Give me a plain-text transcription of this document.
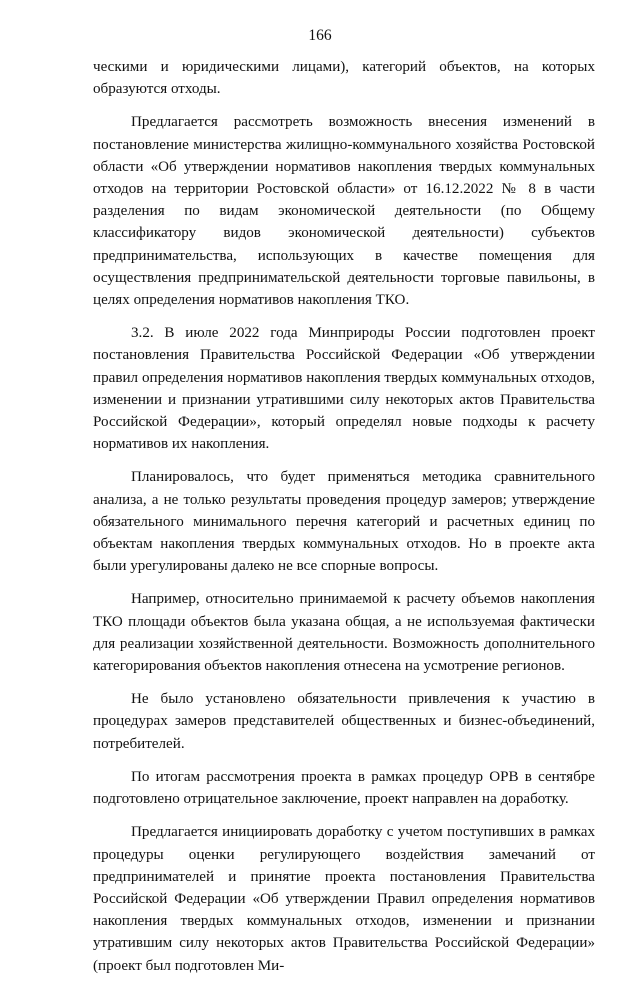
166

ческими и юридическими лицами), категорий объектов, на которых образуются отходы.

Предлагается рассмотреть возможность внесения изменений в постановление министерства жилищно-коммунального хозяйства Ростовской области «Об утверждении нормативов накопления твердых коммунальных отходов на территории Ростовской области» от 16.12.2022 № 8 в части разделения по видам экономической деятельности (по Общему классификатору видов экономической деятельности) субъектов предпринимательства, использующих в качестве помещения для осуществления предпринимательской деятельности торговые павильоны, в целях определения нормативов накопления ТКО.

3.2. В июле 2022 года Минприроды России подготовлен проект постановления Правительства Российской Федерации «Об утверждении правил определения нормативов накопления твердых коммунальных отходов, изменении и признании утратившими силу некоторых актов Правительства Российской Федерации», который определял новые подходы к расчету нормативов их накопления.

Планировалось, что будет применяться методика сравнительного анализа, а не только результаты проведения процедур замеров; утверждение обязательного минимального перечня категорий и расчетных единиц по объектам накопления твердых коммунальных отходов. Но в проекте акта были урегулированы далеко не все спорные вопросы.

Например, относительно принимаемой к расчету объемов накопления ТКО площади объектов была указана общая, а не используемая фактически для реализации хозяйственной деятельности. Возможность дополнительного категорирования объектов накопления отнесена на усмотрение регионов.

Не было установлено обязательности привлечения к участию в процедурах замеров представителей общественных и бизнес-объединений, потребителей.

По итогам рассмотрения проекта в рамках процедур ОРВ в сентябре подготовлено отрицательное заключение, проект направлен на доработку.

Предлагается инициировать доработку с учетом поступивших в рамках процедуры оценки регулирующего воздействия замечаний от предпринимателей и принятие проекта постановления Правительства Российской Федерации «Об утверждении Правил определения нормативов накопления твердых коммунальных отходов, изменении и признании утратившим силу некоторых актов Правительства Российской Федерации» (проект был подготовлен Ми-
